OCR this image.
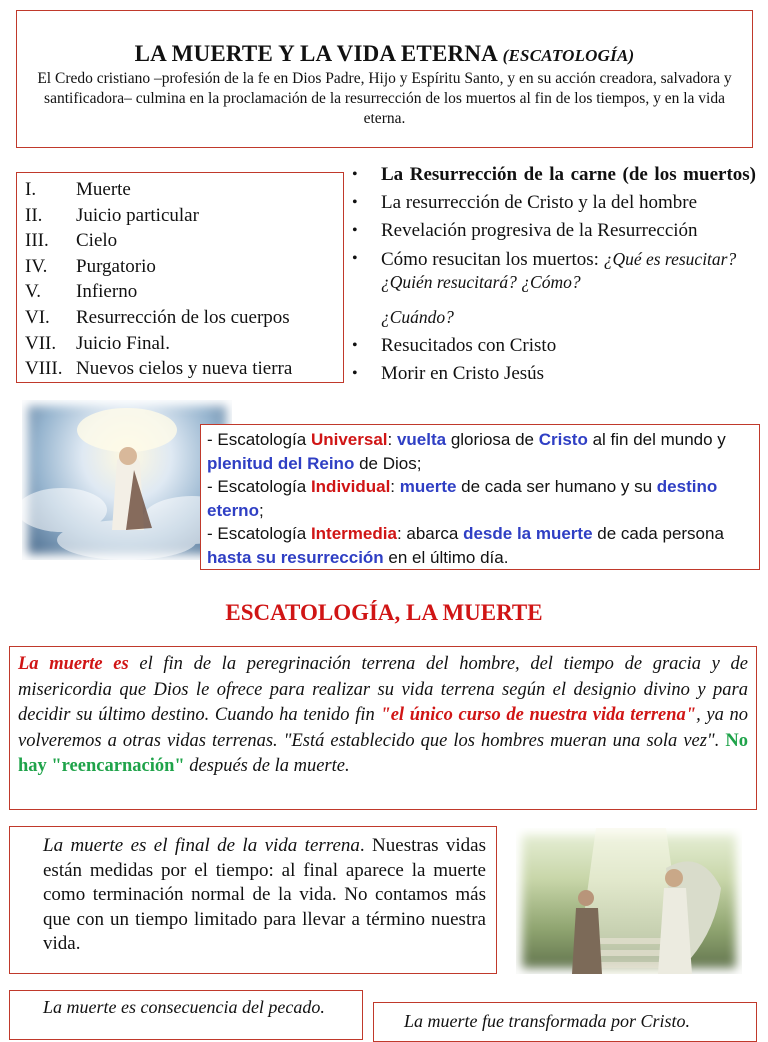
LA MUERTE Y LA VIDA ETERNA (ESCATOLOGÍA)
El Credo cristiano –profesión de la fe en Dios Padre, Hijo y Espíritu Santo, y en su acción creadora, salvadora y santificadora– culmina en la proclamación de la resurrección de los muertos al fin de los tiempos, y en la vida eterna.
I.	Muerte
II.	Juicio particular
III.	Cielo
IV.	Purgatorio
V.	Infierno
VI.	Resurrección de los cuerpos
VII.	Juicio Final.
VIII. Nuevos cielos y nueva tierra
•	La Resurrección de la carne (de los muertos)
•	La resurrección de Cristo y la del hombre
•	Revelación progresiva de la Resurrección
•	Cómo resucitan los muertos: ¿Qué es resucitar? ¿Quién resucitará? ¿Cómo?
¿Cuándo?
•	Resucitados con Cristo
•	Morir en Cristo Jesús
- Escatología Universal: vuelta gloriosa de Cristo al fin del mundo y plenitud del Reino de Dios;
- Escatología Individual: muerte de cada ser humano y su destino eterno;
- Escatología Intermedia: abarca desde la muerte de cada persona hasta su resurrección en el último día.
ESCATOLOGÍA, LA MUERTE
La muerte es el fin de la peregrinación terrena del hombre, del tiempo de gracia y de misericordia que Dios le ofrece para realizar su vida terrena según el designio divino y para decidir su último destino. Cuando ha tenido fin "el único curso de nuestra vida terrena", ya no volveremos a otras vidas terrenas. "Está establecido que los hombres mueran una sola vez". No hay "reencarnación" después de la muerte.
La muerte es el final de la vida terrena. Nuestras vidas están medidas por el tiempo: al final aparece la muerte como terminación normal de la vida. No contamos más que con un tiempo limitado para llevar a término nuestra vida.
La muerte es consecuencia del pecado.
La muerte fue transformada por Cristo.
